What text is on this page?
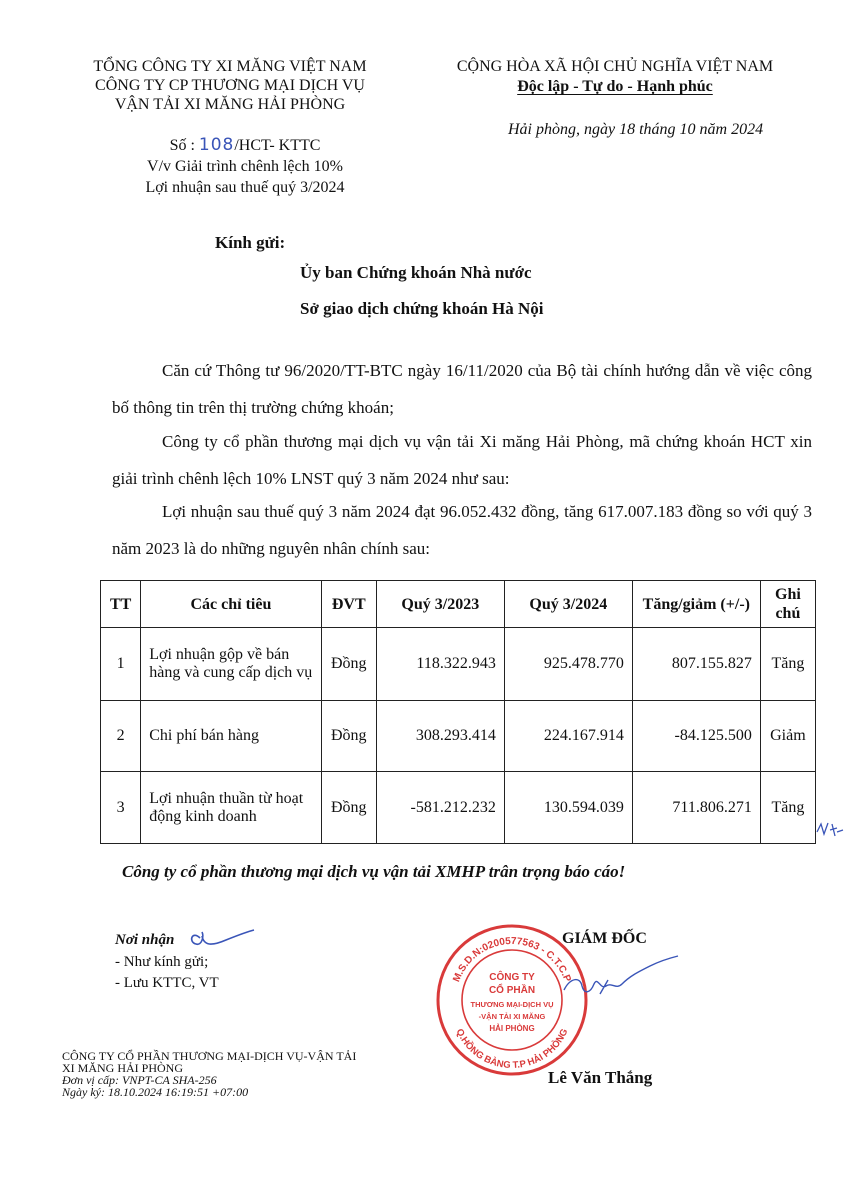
TỔNG CÔNG TY XI MĂNG VIỆT NAM
CÔNG TY CP THƯƠNG MẠI DỊCH VỤ
VẬN TẢI XI MĂNG HẢI PHÒNG
CỘNG HÒA XÃ HỘI CHỦ NGHĨA VIỆT NAM
Độc lập - Tự do - Hạnh phúc
Số : 108/HCT- KTTC
V/v Giải trình chênh lệch 10%
Lợi nhuận sau thuế quý 3/2024
Hải phòng, ngày 18 tháng 10 năm 2024
Kính gửi:
Ủy ban Chứng khoán Nhà nước
Sở giao dịch chứng khoán Hà Nội
Căn cứ Thông tư 96/2020/TT-BTC ngày 16/11/2020 của Bộ tài chính hướng dẫn về việc công bố thông tin trên thị trường chứng khoán;
Công ty cổ phần thương mại dịch vụ vận tải Xi măng Hải Phòng, mã chứng khoán HCT xin giải trình chênh lệch 10% LNST quý 3 năm 2024 như sau:
Lợi nhuận sau thuế quý 3 năm 2024 đạt 96.052.432 đồng, tăng 617.007.183 đồng so với quý 3 năm 2023 là do những nguyên nhân chính sau:
TT	Các chỉ tiêu	ĐVT	Quý 3/2023	Quý 3/2024	Tăng/giảm (+/-)	Ghi chú
1	Lợi nhuận gộp về bán hàng và cung cấp dịch vụ	Đồng	118.322.943	925.478.770	807.155.827	Tăng
2	Chi phí bán hàng	Đồng	308.293.414	224.167.914	-84.125.500	Giảm
3	Lợi nhuận thuần từ hoạt động kinh doanh	Đồng	-581.212.232	130.594.039	711.806.271	Tăng
Công ty cổ phần thương mại dịch vụ vận tải XMHP trân trọng báo cáo!
Nơi nhận
- Như kính gửi;
- Lưu KTTC, VT
GIÁM ĐỐC
M.S.D.N:0200577563 - C.T.C.P
Q.HỒNG BÀNG T.P HẢI PHÒNG
CÔNG TY
CỔ PHẦN
THƯƠNG MẠI-DỊCH VỤ
-VẬN TẢI XI MĂNG
HẢI PHÒNG
Lê Văn Thắng
CÔNG TY CỔ PHẦN THƯƠNG MẠI-DỊCH VỤ-VẬN TẢI
XI MĂNG HẢI PHÒNG
Đơn vị cấp: VNPT-CA SHA-256
Ngày ký: 18.10.2024 16:19:51 +07:00
